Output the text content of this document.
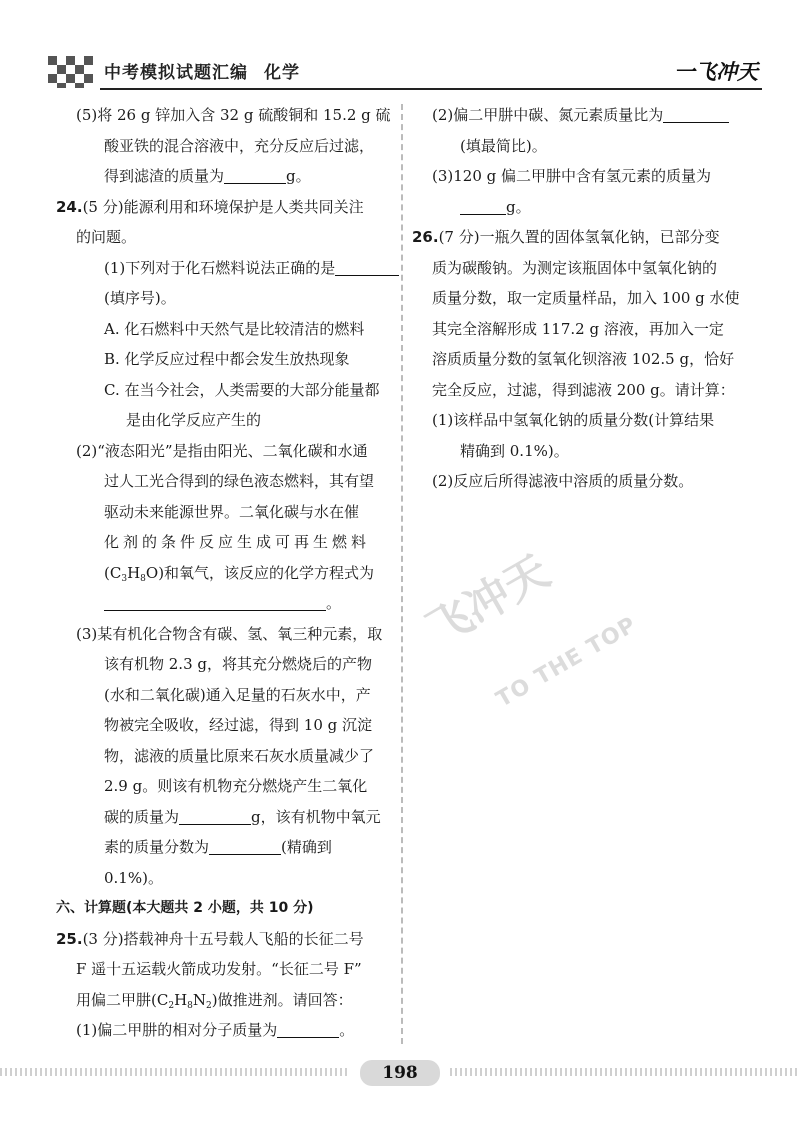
中考模拟试题汇编 化学	一飞冲天
(5)将 26 g 锌加入含 32 g 硫酸铜和 15.2 g 硫
酸亚铁的混合溶液中，充分反应后过滤，
得到滤渣的质量为	g。
24.(5 分)能源利用和环境保护是人类共同关注
的问题。
(1)下列对于化石燃料说法正确的是
(填序号)。
A. 化石燃料中天然气是比较清洁的燃料
B. 化学反应过程中都会发生放热现象
C. 在当今社会，人类需要的大部分能量都
是由化学反应产生的
(2)“液态阳光”是指由阳光、二氧化碳和水通
过人工光合得到的绿色液态燃料，其有望
驱动未来能源世界。二氧化碳与水在催
化剂的条件反应生成可再生燃料
$(C_3H_8O)$和氧气，该反应的化学方程式为
。
(3)某有机化合物含有碳、氢、氧三种元素，取
该有机物 2.3 g，将其充分燃烧后的产物
(水和二氧化碳)通入足量的石灰水中，产
物被完全吸收，经过滤，得到 10 g 沉淀
物，滤液的质量比原来石灰水质量减少了
2.9 g。则该有机物充分燃烧产生二氧化
碳的质量为	g，该有机物中氧元
素的质量分数为	(精确到
0.1%)。
六、计算题(本大题共 2 小题，共 10 分)
25.(3 分)搭载神舟十五号载人飞船的长征二号
F 遥十五运载火箭成功发射。“长征二号 F”
用偏二甲肼$(C_2H_8N_2)$做推进剂。请回答：
(1)偏二甲肼的相对分子质量为	。
(2)偏二甲肼中碳、氮元素质量比为
(填最简比)。
(3)120 g 偏二甲肼中含有氢元素的质量为
g。
26.(7 分)一瓶久置的固体氢氧化钠，已部分变
质为碳酸钠。为测定该瓶固体中氢氧化钠的
质量分数，取一定质量样品，加入 100 g 水使
其完全溶解形成 117.2 g 溶液，再加入一定
溶质质量分数的氢氧化钡溶液 102.5 g，恰好
完全反应，过滤，得到滤液 200 g。请计算：
(1)该样品中氢氧化钠的质量分数(计算结果
精确到 0.1%)。
(2)反应后所得滤液中溶质的质量分数。
飞冲天
TO THE TOP
198
